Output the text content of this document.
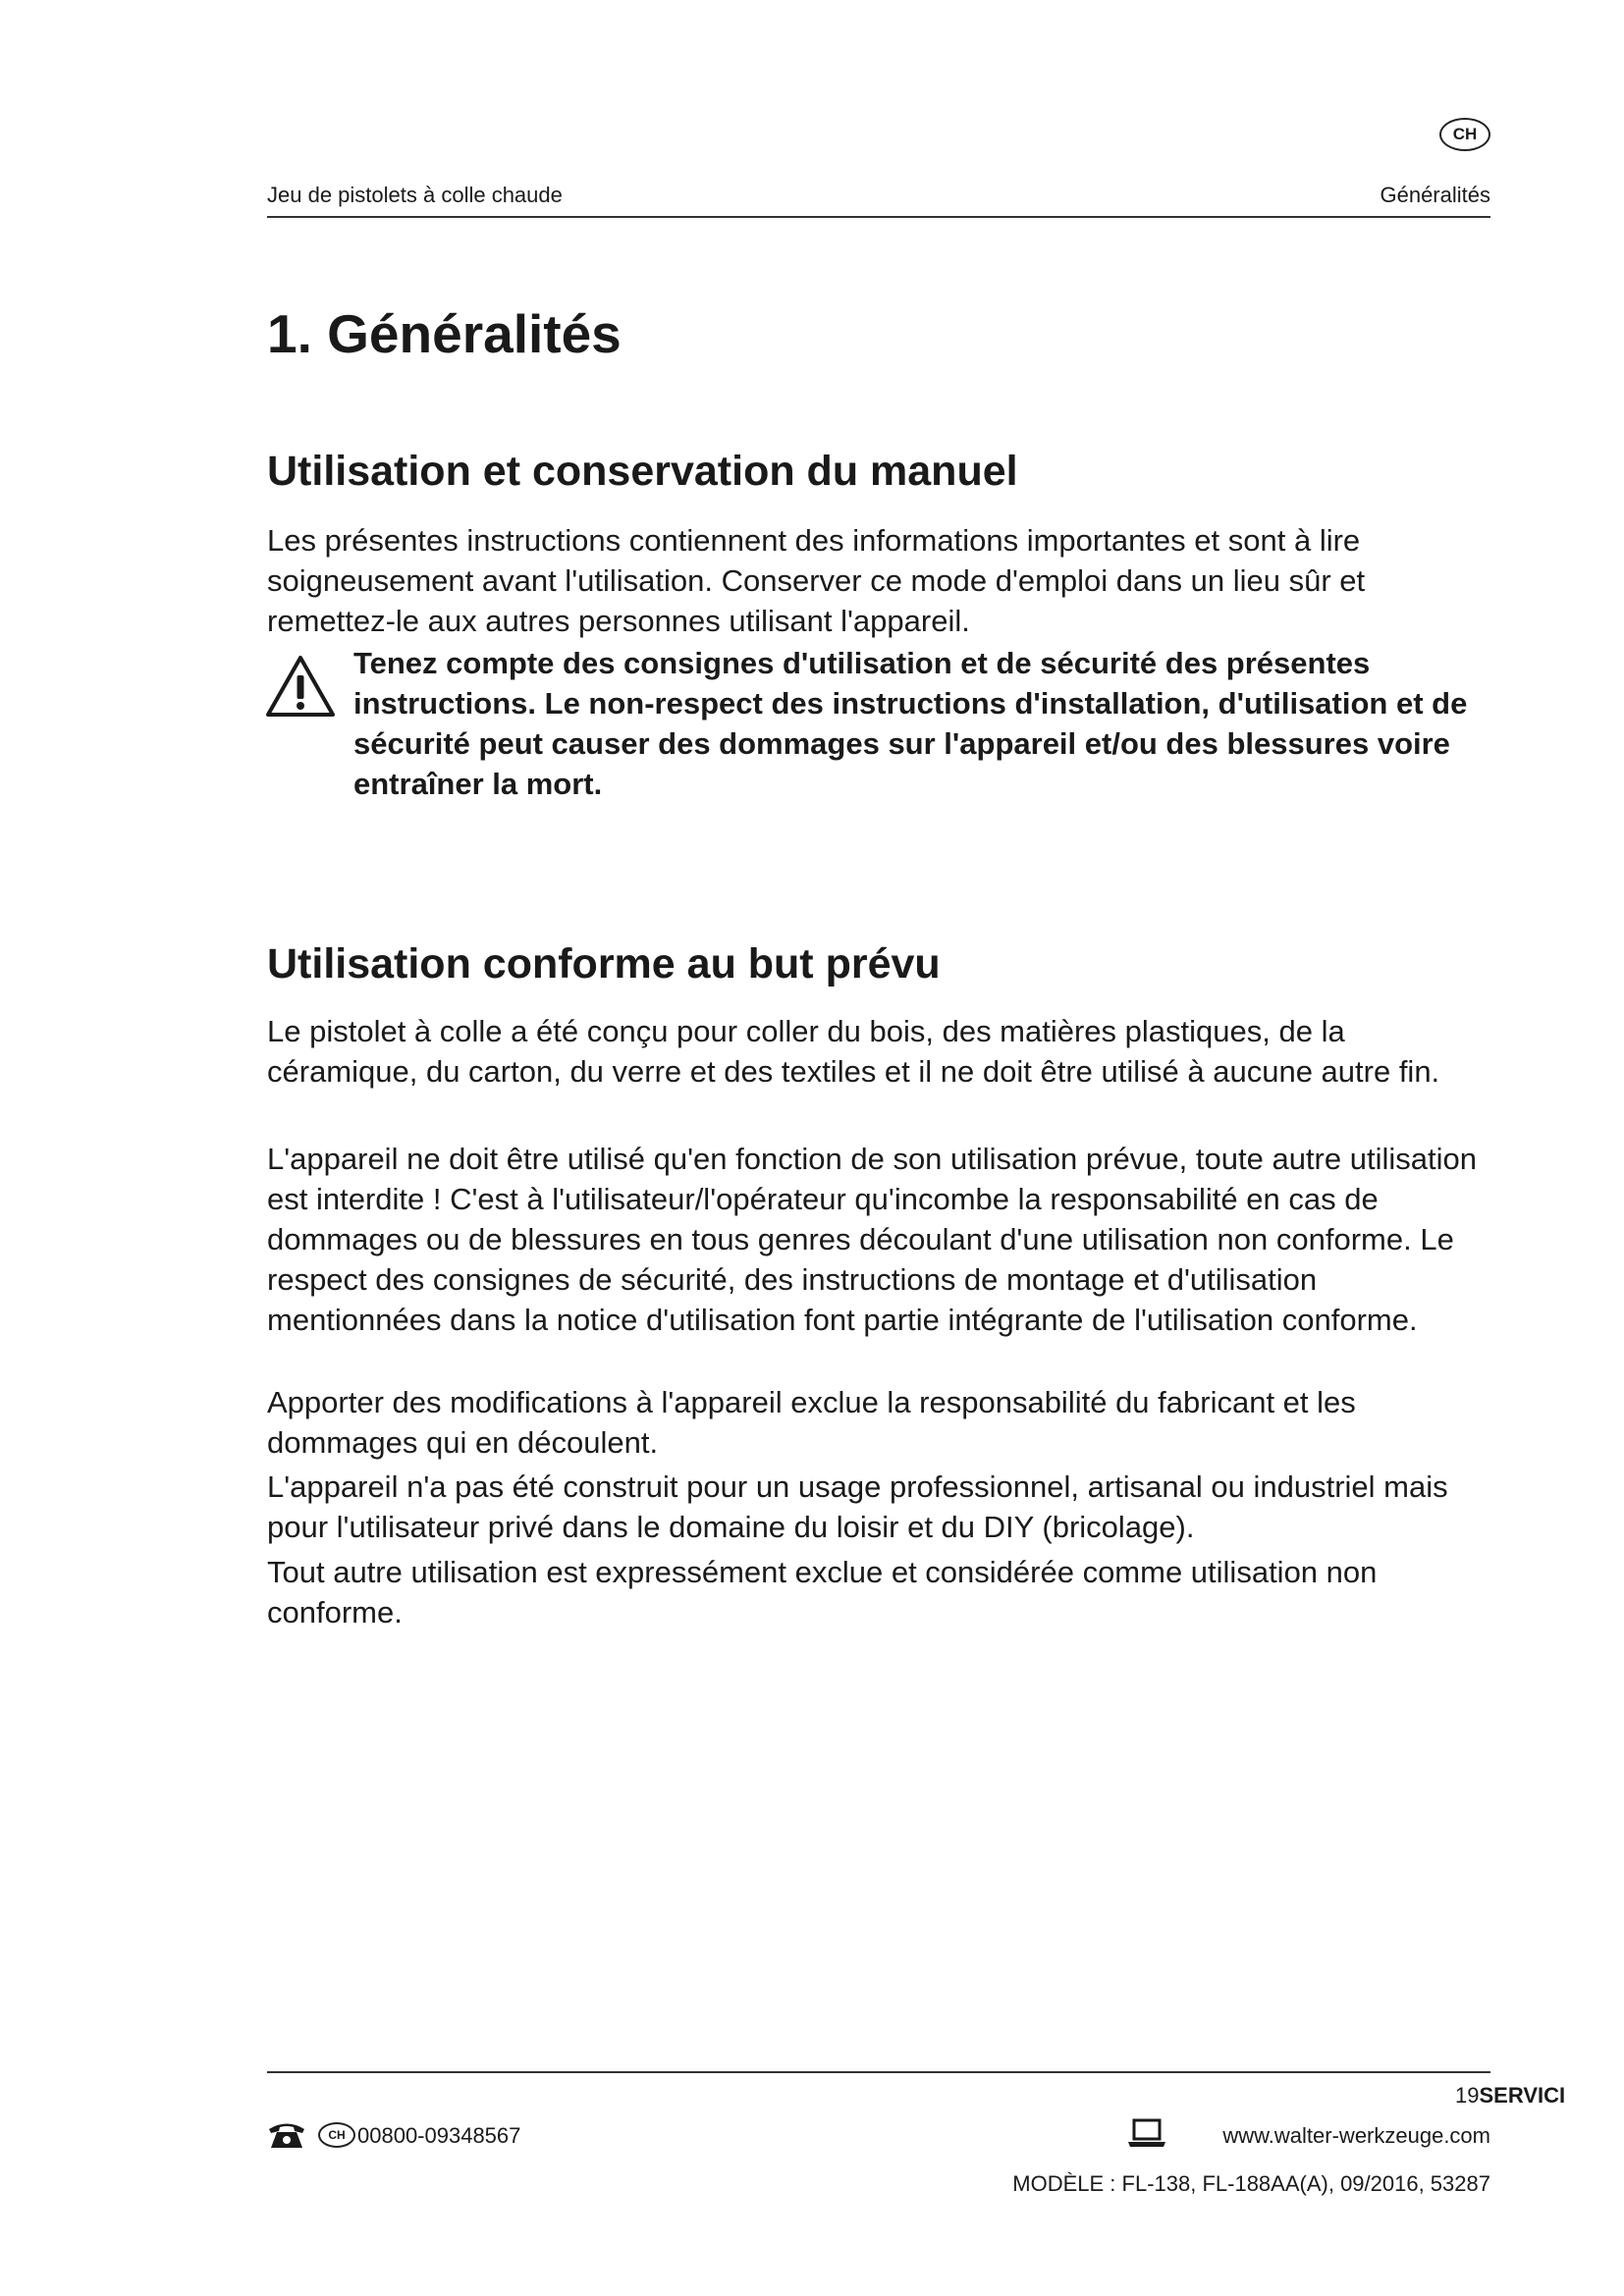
CH
Jeu de pistolets à colle chaude	Généralités
1. Généralités
Utilisation et conservation du manuel

Les présentes instructions contiennent des informations importantes et sont à lire soigneusement avant l'utilisation. Conserver ce mode d'emploi dans un lieu sûr et remettez-le aux autres personnes utilisant l'appareil.

Tenez compte des consignes d'utilisation et de sécurité des présentes instructions. Le non-respect des instructions d'installation, d'utilisation et de sécurité peut causer des dommages sur l'appareil et/ou des blessures voire entraîner la mort.

Utilisation conforme au but prévu

Le pistolet à colle a été conçu pour coller du bois, des matières plastiques, de la céramique, du carton, du verre et des textiles et il ne doit être utilisé à aucune autre fin.

L'appareil ne doit être utilisé qu'en fonction de son utilisation prévue, toute autre utilisation est interdite ! C'est à l'utilisateur/l'opérateur qu'incombe la responsabilité en cas de dommages ou de blessures en tous genres découlant d'une utilisation non conforme. Le respect des consignes de sécurité, des instructions de montage et d'utilisation mentionnées dans la notice d'utilisation font partie intégrante de l'utilisation conforme.

Apporter des modifications à l'appareil exclue la responsabilité du fabricant et les dommages qui en découlent.

L'appareil n'a pas été construit pour un usage professionnel, artisanal ou industriel mais pour l'utilisateur privé dans le domaine du loisir et du DIY (bricolage).

Tout autre utilisation est expressément exclue et considérée comme utilisation non conforme.

19SERVICI
CH 00800-09348567	www.walter-werkzeuge.com
MODÈLE : FL-138, FL-188AA(A), 09/2016, 53287
